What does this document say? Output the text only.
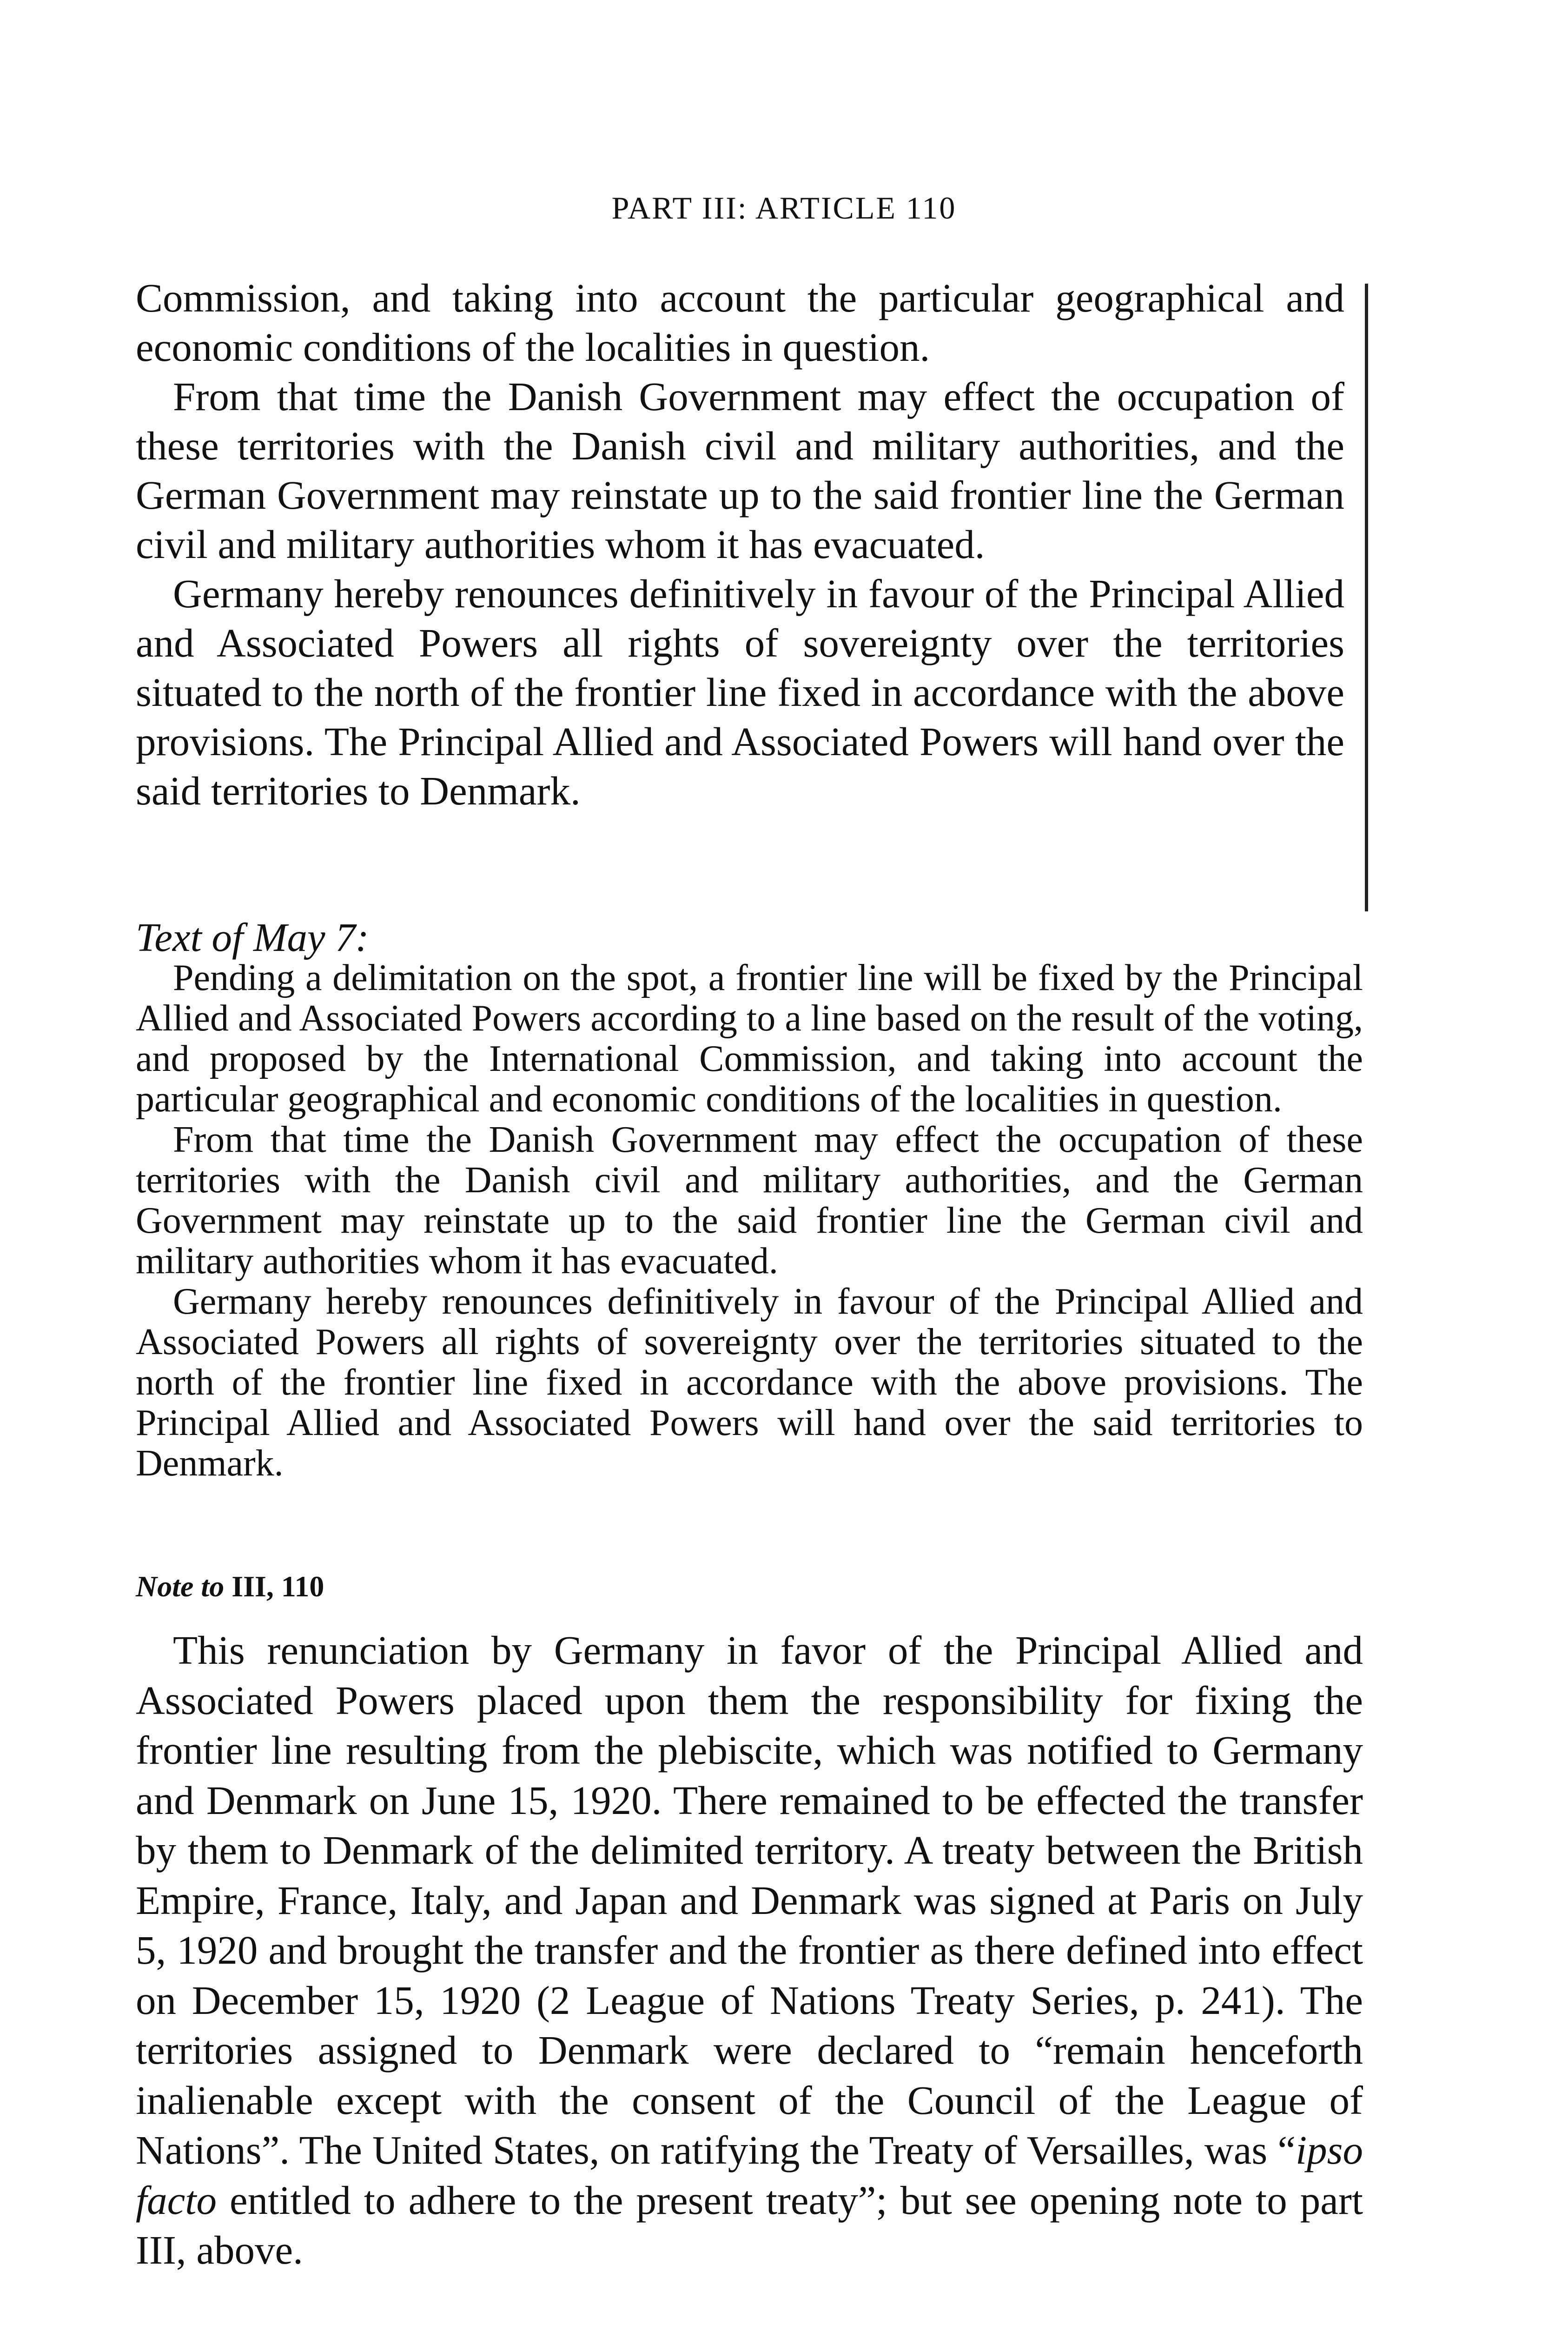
PART III: ARTICLE 110

Commission, and taking into account the particular geographical and economic conditions of the localities in question.

From that time the Danish Government may effect the occupation of these territories with the Danish civil and military authorities, and the German Government may reinstate up to the said frontier line the German civil and military authorities whom it has evacuated.

Germany hereby renounces definitively in favour of the Principal Allied and Associated Powers all rights of sovereignty over the territories situated to the north of the frontier line fixed in accordance with the above provisions. The Principal Allied and Associated Powers will hand over the said territories to Denmark.

Text of May 7:

Pending a delimitation on the spot, a frontier line will be fixed by the Principal Allied and Associated Powers according to a line based on the result of the voting, and proposed by the International Commission, and taking into account the particular geographical and economic conditions of the localities in question.

From that time the Danish Government may effect the occupation of these territories with the Danish civil and military authorities, and the German Government may reinstate up to the said frontier line the German civil and military authorities whom it has evacuated.

Germany hereby renounces definitively in favour of the Principal Allied and Associated Powers all rights of sovereignty over the territories situated to the north of the frontier line fixed in accordance with the above provisions. The Principal Allied and Associated Powers will hand over the said territories to Denmark.

Note to III, 110

This renunciation by Germany in favor of the Principal Allied and Associated Powers placed upon them the responsibility for fixing the frontier line resulting from the plebiscite, which was notified to Germany and Denmark on June 15, 1920. There remained to be effected the transfer by them to Denmark of the delimited territory. A treaty between the British Empire, France, Italy, and Japan and Denmark was signed at Paris on July 5, 1920 and brought the transfer and the frontier as there defined into effect on December 15, 1920 (2 League of Nations Treaty Series, p. 241). The territories assigned to Denmark were declared to “remain henceforth inalienable except with the consent of the Council of the League of Nations”. The United States, on ratifying the Treaty of Versailles, was “ipso facto entitled to adhere to the present treaty”; but see opening note to part III, above.
